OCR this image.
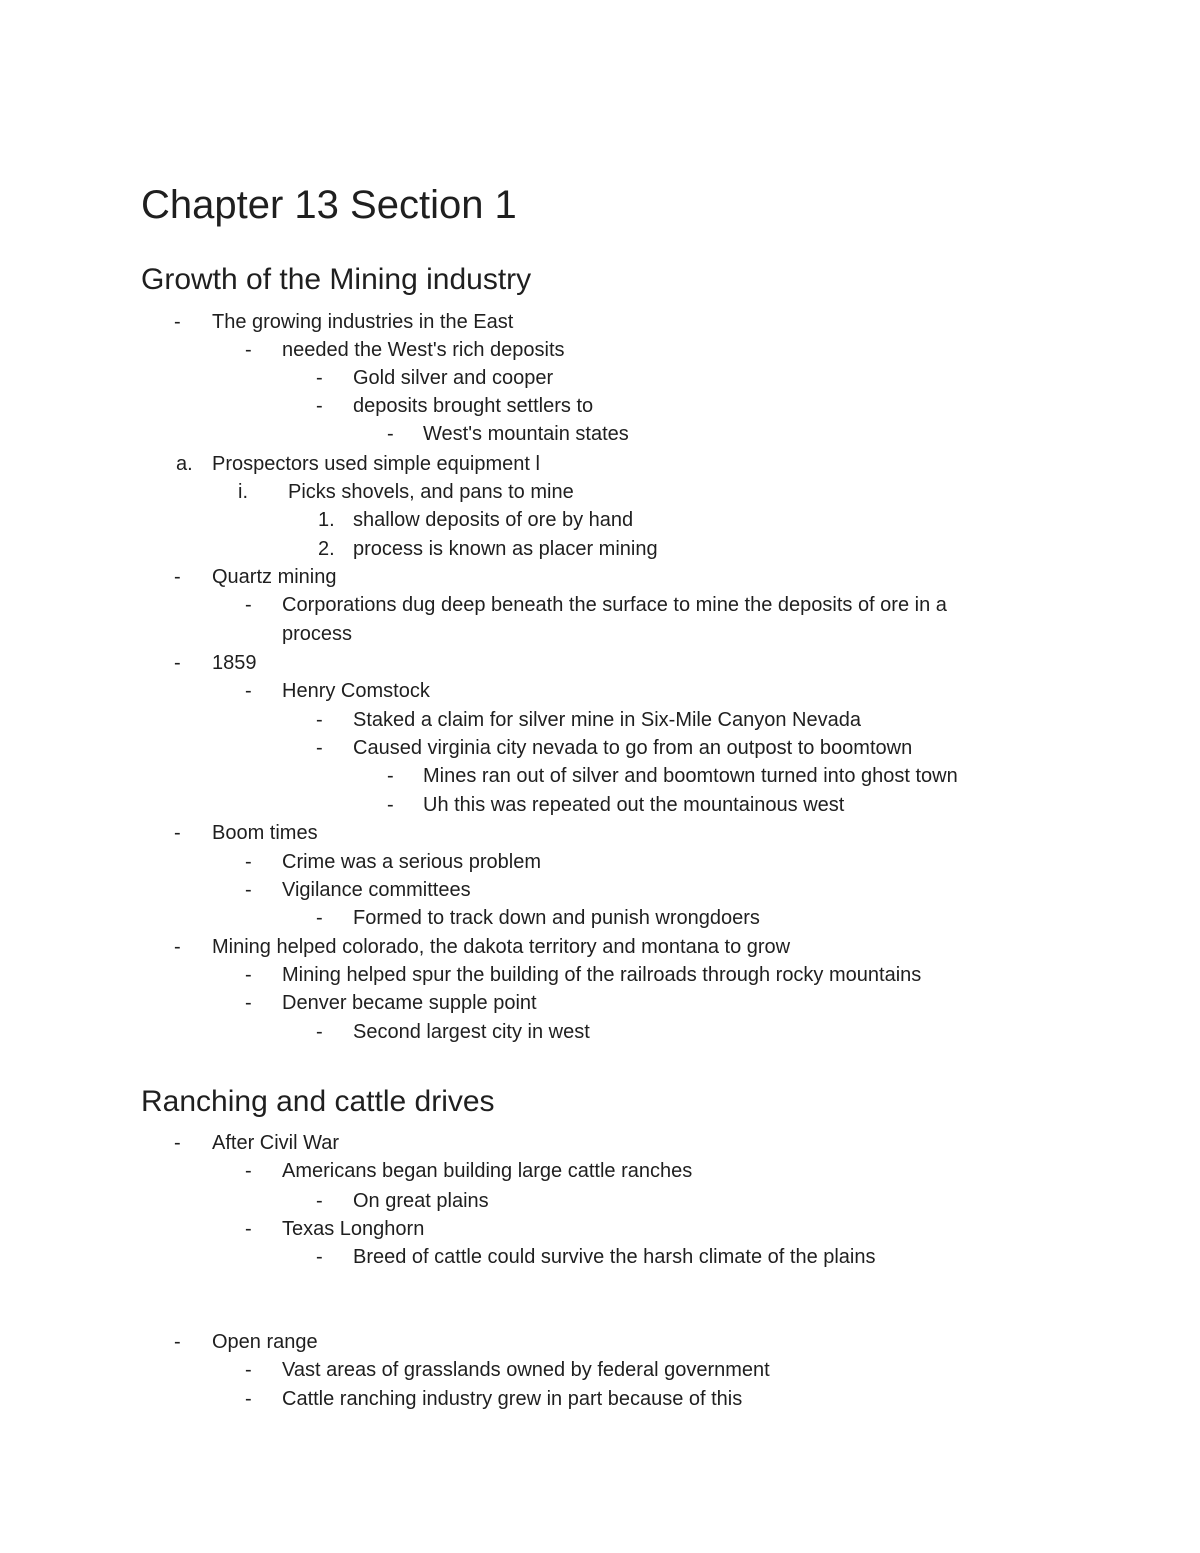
Chapter 13 Section 1
Growth of the Mining industry
- The growing industries in the East
- needed the West's rich deposits
- Gold silver and cooper
- deposits brought settlers to
- West's mountain states
a. Prospectors used simple equipment l
i. Picks shovels, and pans to mine
1. shallow deposits of ore by hand
2. process is known as placer mining
- Quartz mining
- Corporations dug deep beneath the surface to mine the deposits of ore in a
process
- 1859
- Henry Comstock
- Staked a claim for silver mine in Six-Mile Canyon Nevada
- Caused virginia city nevada to go from an outpost to boomtown
- Mines ran out of silver and boomtown turned into ghost town
- Uh this was repeated out the mountainous west
- Boom times
- Crime was a serious problem
- Vigilance committees
- Formed to track down and punish wrongdoers
- Mining helped colorado, the dakota territory and montana to grow
- Mining helped spur the building of the railroads through rocky mountains
- Denver became supple point
- Second largest city in west
Ranching and cattle drives
- After Civil War
- Americans began building large cattle ranches
- On great plains
- Texas Longhorn
- Breed of cattle could survive the harsh climate of the plains
- Open range
- Vast areas of grasslands owned by federal government
- Cattle ranching industry grew in part because of this
